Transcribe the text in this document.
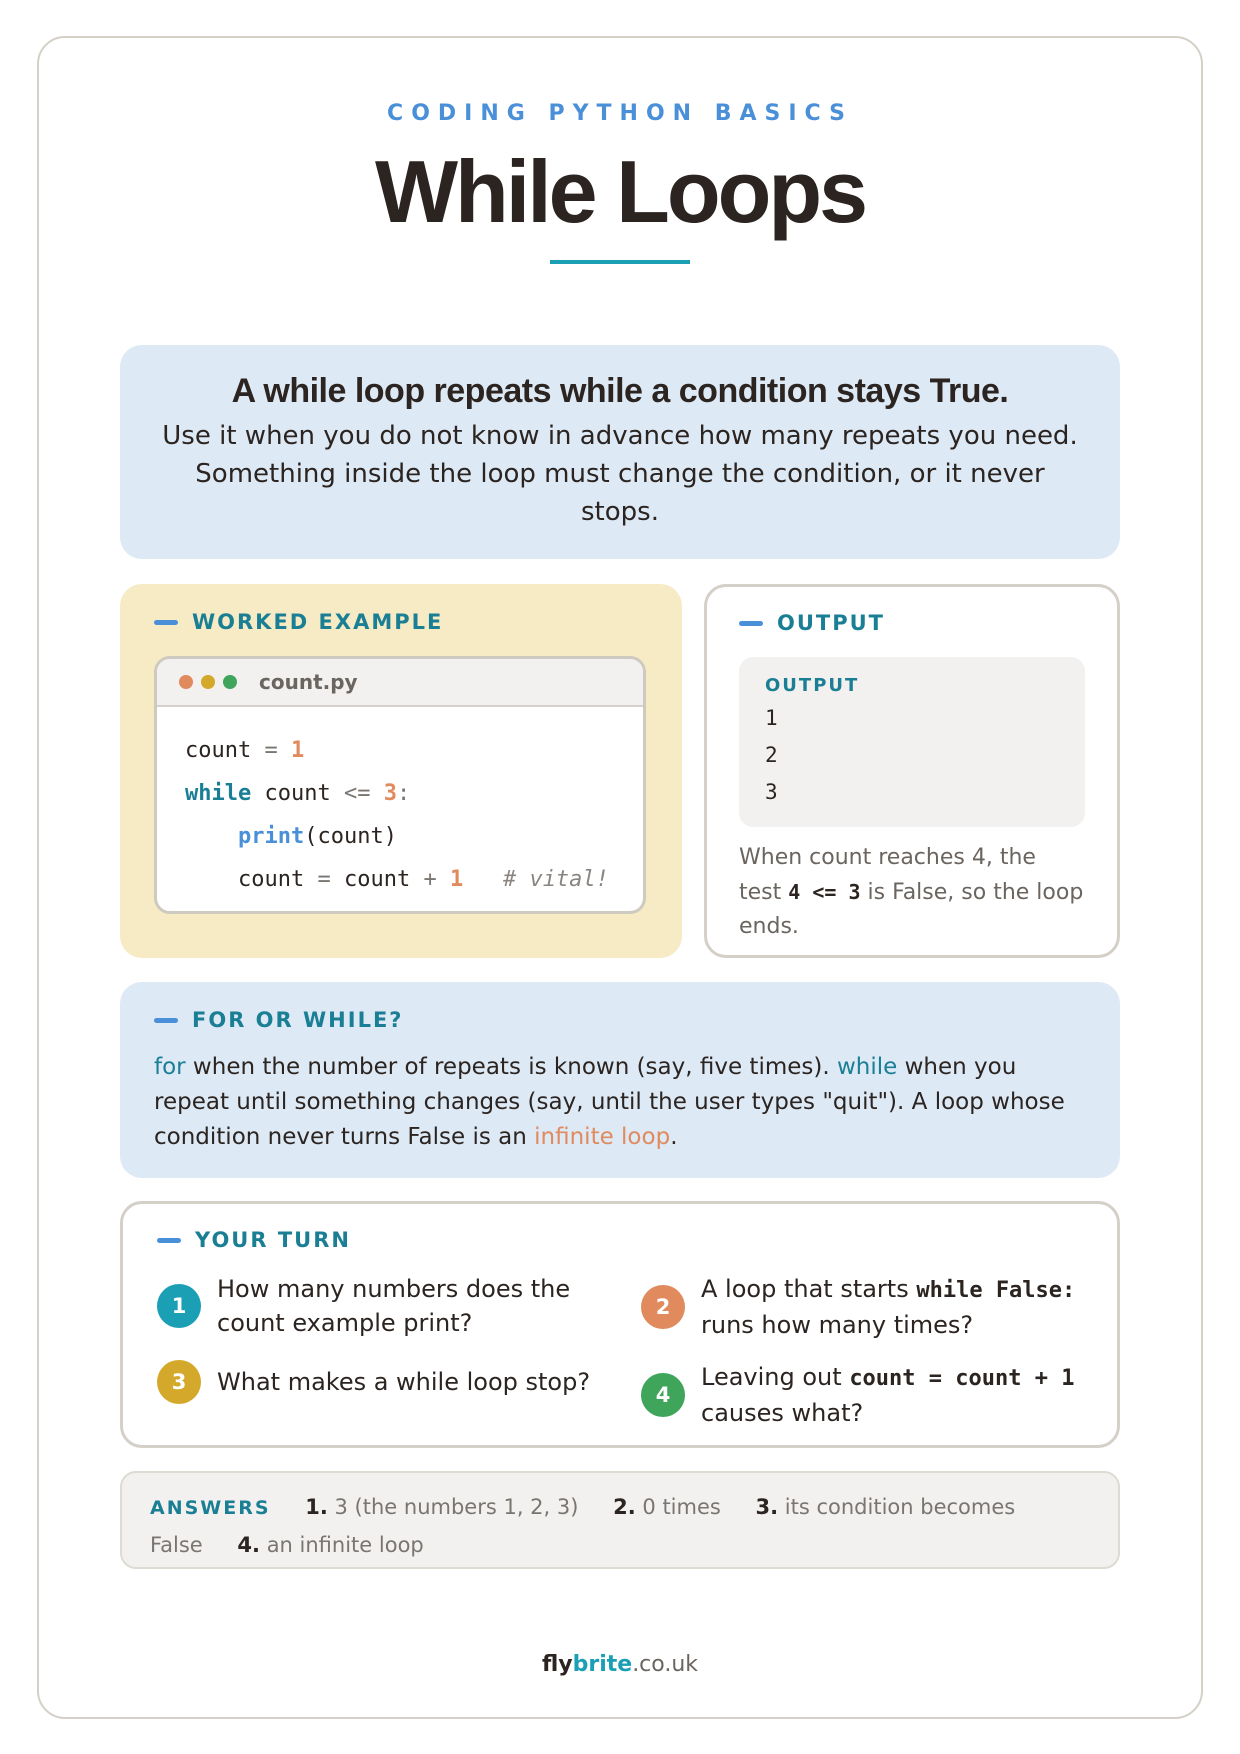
CODING PYTHON BASICS
While Loops
A while loop repeats while a condition stays True.

Use it when you do not know in advance how many repeats you need. Something inside the loop must change the condition, or it never stops.

WORKED EXAMPLE
count.py
count = 1
while count <= 3:
print(count)
count = count + 1 # vital!
OUTPUT
OUTPUT
1
2
3
When count reaches 4, the test 4 <= 3 is False, so the loop ends.
FOR OR WHILE?

for when the number of repeats is known (say, five times). while when you repeat until something changes (say, until the user types "quit"). A loop whose condition never turns False is an infinite loop.

YOUR TURN
1
How many numbers does the count example print?
2
A loop that starts while False: runs how many times?
3	What makes a while loop stop?	4
Leaving out count = count + 1 causes what?
ANSWERS 1. 3 (the numbers 1, 2, 3) 2. 0 times 3. its condition becomes False 4. an infinite loop
flybrite.co.uk
